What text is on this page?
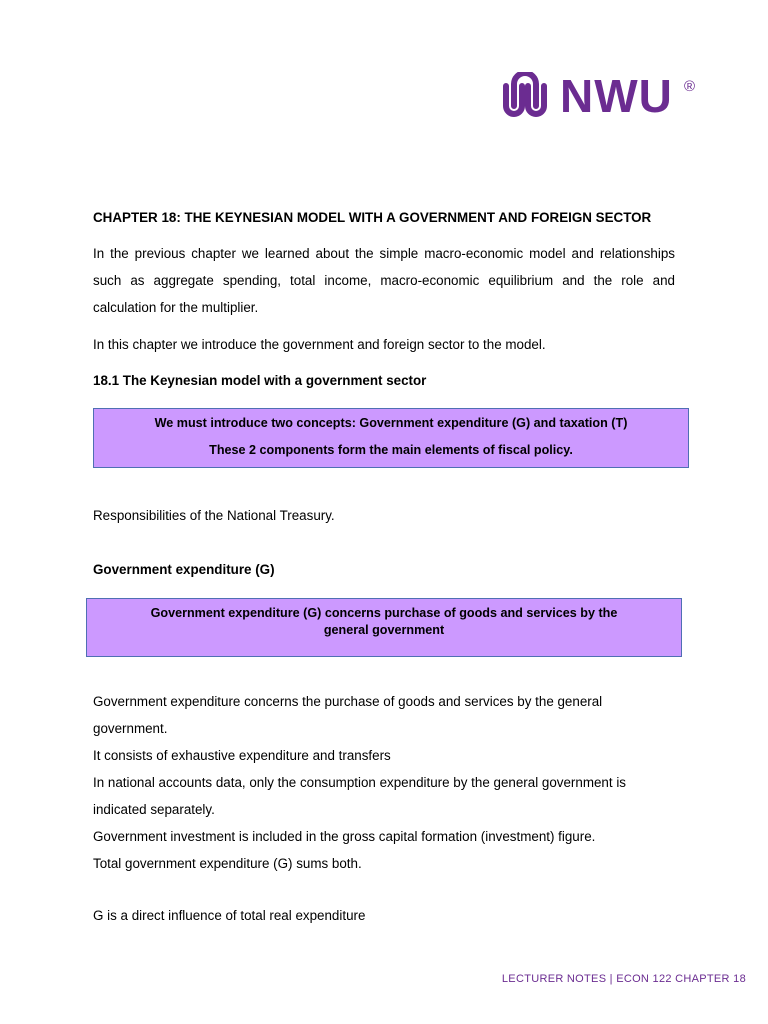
NWU ®

CHAPTER 18: THE KEYNESIAN MODEL WITH A GOVERNMENT AND FOREIGN SECTOR

In the previous chapter we learned about the simple macro-economic model and relationships such as aggregate spending, total income, macro-economic equilibrium and the role and calculation for the multiplier.

In this chapter we introduce the government and foreign sector to the model.

18.1 The Keynesian model with a government sector

We must introduce two concepts: Government expenditure (G) and taxation (T)
These 2 components form the main elements of fiscal policy.

Responsibilities of the National Treasury.

Government expenditure (G)

Government expenditure (G) concerns purchase of goods and services by the general government

Government expenditure concerns the purchase of goods and services by the general

government.

It consists of exhaustive expenditure and transfers

In national accounts data, only the consumption expenditure by the general government is

indicated separately.

Government investment is included in the gross capital formation (investment) figure.

Total government expenditure (G) sums both.

G is a direct influence of total real expenditure

LECTURER NOTES | ECON 122 CHAPTER 18
